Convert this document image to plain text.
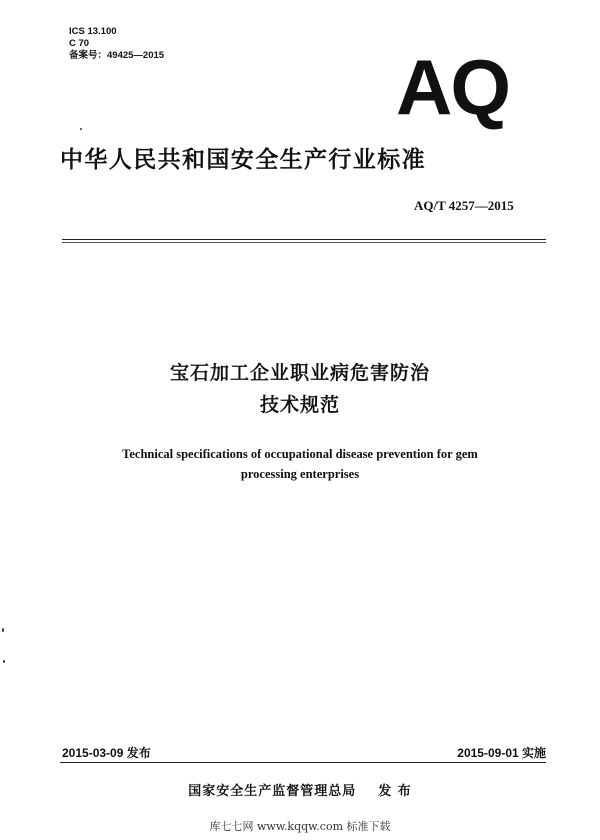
ICS 13.100
C 70
备案号：49425—2015	AQ
中华人民共和国安全生产行业标准
AQ/T 4257—2015
宝石加工企业职业病危害防治
技术规范
Technical specifications of occupational disease prevention for gem
processing enterprises
2015-03-09 发布	2015-09-01 实施
国家安全生产监督管理总局 发 布
库七七网 www.kqqw.com 标准下载
